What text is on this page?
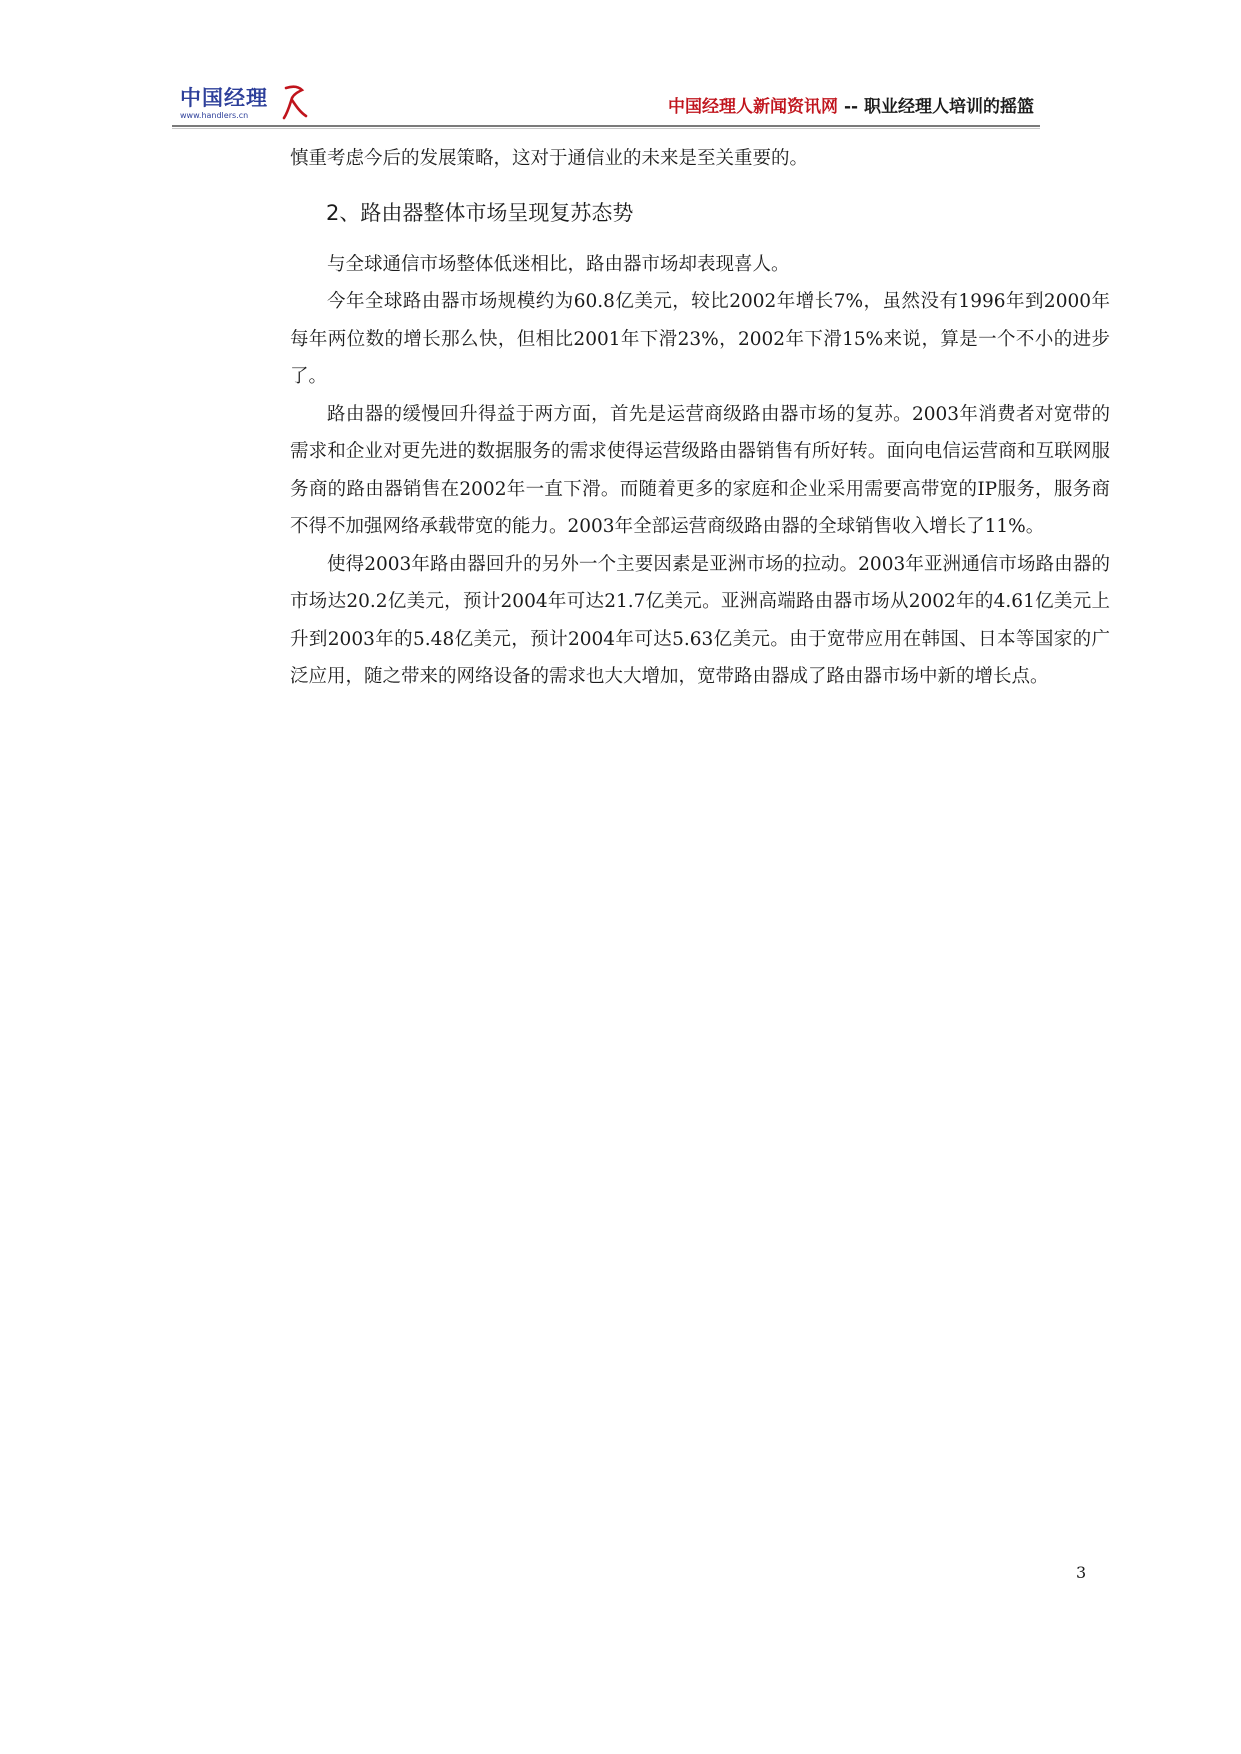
中国经理
www.handlers.cn	中国经理人新闻资讯网 -- 职业经理人培训的摇篮

慎重考虑今后的发展策略，这对于通信业的未来是至关重要的。

2、路由器整体市场呈现复苏态势

与全球通信市场整体低迷相比，路由器市场却表现喜人。

今年全球路由器市场规模约为60.8亿美元，较比2002年增长7%，虽然没有1996年到2000年每年两位数的增长那么快，但相比2001年下滑23%，2002年下滑15%来说，算是一个不小的进步了。

路由器的缓慢回升得益于两方面，首先是运营商级路由器市场的复苏。2003年消费者对宽带的需求和企业对更先进的数据服务的需求使得运营级路由器销售有所好转。面向电信运营商和互联网服务商的路由器销售在2002年一直下滑。而随着更多的家庭和企业采用需要高带宽的IP服务，服务商不得不加强网络承载带宽的能力。2003年全部运营商级路由器的全球销售收入增长了11%。

使得2003年路由器回升的另外一个主要因素是亚洲市场的拉动。2003年亚洲通信市场路由器的市场达20.2亿美元，预计2004年可达21.7亿美元。亚洲高端路由器市场从2002年的4.61亿美元上升到2003年的5.48亿美元，预计2004年可达5.63亿美元。由于宽带应用在韩国、日本等国家的广泛应用，随之带来的网络设备的需求也大大增加，宽带路由器成了路由器市场中新的增长点。

3
